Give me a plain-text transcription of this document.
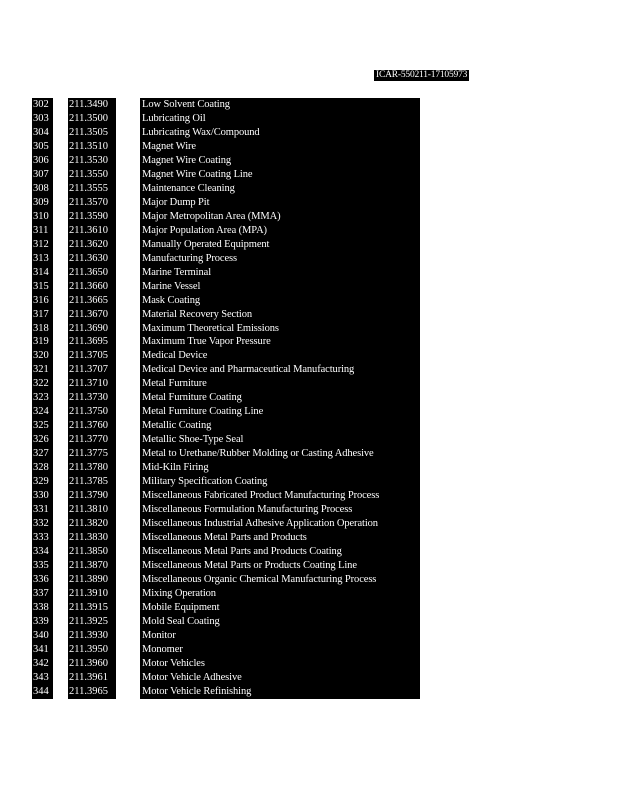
ICAR-550211-17105973
302	211.3490	Low Solvent Coating
303	211.3500	Lubricating Oil
304	211.3505	Lubricating Wax/Compound
305	211.3510	Magnet Wire
306	211.3530	Magnet Wire Coating
307	211.3550	Magnet Wire Coating Line
308	211.3555	Maintenance Cleaning
309	211.3570	Major Dump Pit
310	211.3590	Major Metropolitan Area (MMA)
311	211.3610	Major Population Area (MPA)
312	211.3620	Manually Operated Equipment
313	211.3630	Manufacturing Process
314	211.3650	Marine Terminal
315	211.3660	Marine Vessel
316	211.3665	Mask Coating
317	211.3670	Material Recovery Section
318	211.3690	Maximum Theoretical Emissions
319	211.3695	Maximum True Vapor Pressure
320	211.3705	Medical Device
321	211.3707	Medical Device and Pharmaceutical Manufacturing
322	211.3710	Metal Furniture
323	211.3730	Metal Furniture Coating
324	211.3750	Metal Furniture Coating Line
325	211.3760	Metallic Coating
326	211.3770	Metallic Shoe-Type Seal
327	211.3775	Metal to Urethane/Rubber Molding or Casting Adhesive
328	211.3780	Mid-Kiln Firing
329	211.3785	Military Specification Coating
330	211.3790	Miscellaneous Fabricated Product Manufacturing Process
331	211.3810	Miscellaneous Formulation Manufacturing Process
332	211.3820	Miscellaneous Industrial Adhesive Application Operation
333	211.3830	Miscellaneous Metal Parts and Products
334	211.3850	Miscellaneous Metal Parts and Products Coating
335	211.3870	Miscellaneous Metal Parts or Products Coating Line
336	211.3890	Miscellaneous Organic Chemical Manufacturing Process
337	211.3910	Mixing Operation
338	211.3915	Mobile Equipment
339	211.3925	Mold Seal Coating
340	211.3930	Monitor
341	211.3950	Monomer
342	211.3960	Motor Vehicles
343	211.3961	Motor Vehicle Adhesive
344	211.3965	Motor Vehicle Refinishing
